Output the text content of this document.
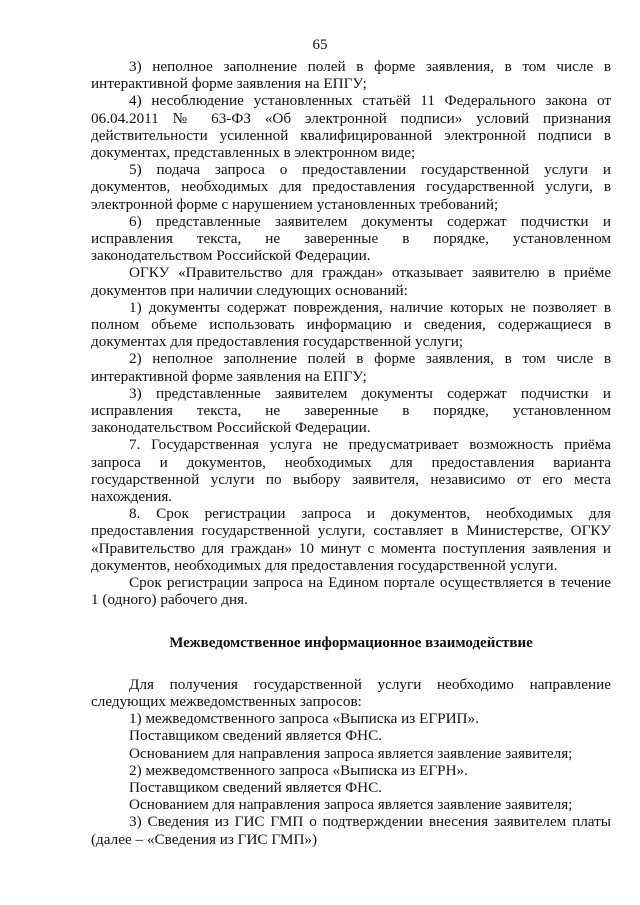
65

3) неполное заполнение полей в форме заявления, в том числе в интерактивной форме заявления на ЕПГУ;

4) несоблюдение установленных статьёй 11 Федерального закона от 06.04.2011 № 63-ФЗ «Об электронной подписи» условий признания действительности усиленной квалифицированной электронной подписи в документах, представленных в электронном виде;

5) подача запроса о предоставлении государственной услуги и документов, необходимых для предоставления государственной услуги, в электронной форме с нарушением установленных требований;

6) представленные заявителем документы содержат подчистки и исправления текста, не заверенные в порядке, установленном законодательством Российской Федерации.

ОГКУ «Правительство для граждан» отказывает заявителю в приёме документов при наличии следующих оснований:

1) документы содержат повреждения, наличие которых не позволяет в полном объеме использовать информацию и сведения, содержащиеся в документах для предоставления государственной услуги;

2) неполное заполнение полей в форме заявления, в том числе в интерактивной форме заявления на ЕПГУ;

3) представленные заявителем документы содержат подчистки и исправления текста, не заверенные в порядке, установленном законодательством Российской Федерации.

7. Государственная услуга не предусматривает возможность приёма запроса и документов, необходимых для предоставления варианта государственной услуги по выбору заявителя, независимо от его места нахождения.

8. Срок регистрации запроса и документов, необходимых для предоставления государственной услуги, составляет в Министерстве, ОГКУ «Правительство для граждан» 10 минут с момента поступления заявления и документов, необходимых для предоставления государственной услуги.

Срок регистрации запроса на Едином портале осуществляется в течение 1 (одного) рабочего дня.

Межведомственное информационное взаимодействие

Для получения государственной услуги необходимо направление следующих межведомственных запросов:

1) межведомственного запроса «Выписка из ЕГРИП».

Поставщиком сведений является ФНС.

Основанием для направления запроса является заявление заявителя;

2) межведомственного запроса «Выписка из ЕГРН».

Поставщиком сведений является ФНС.

Основанием для направления запроса является заявление заявителя;

3) Сведения из ГИС ГМП о подтверждении внесения заявителем платы (далее – «Сведения из ГИС ГМП»)
